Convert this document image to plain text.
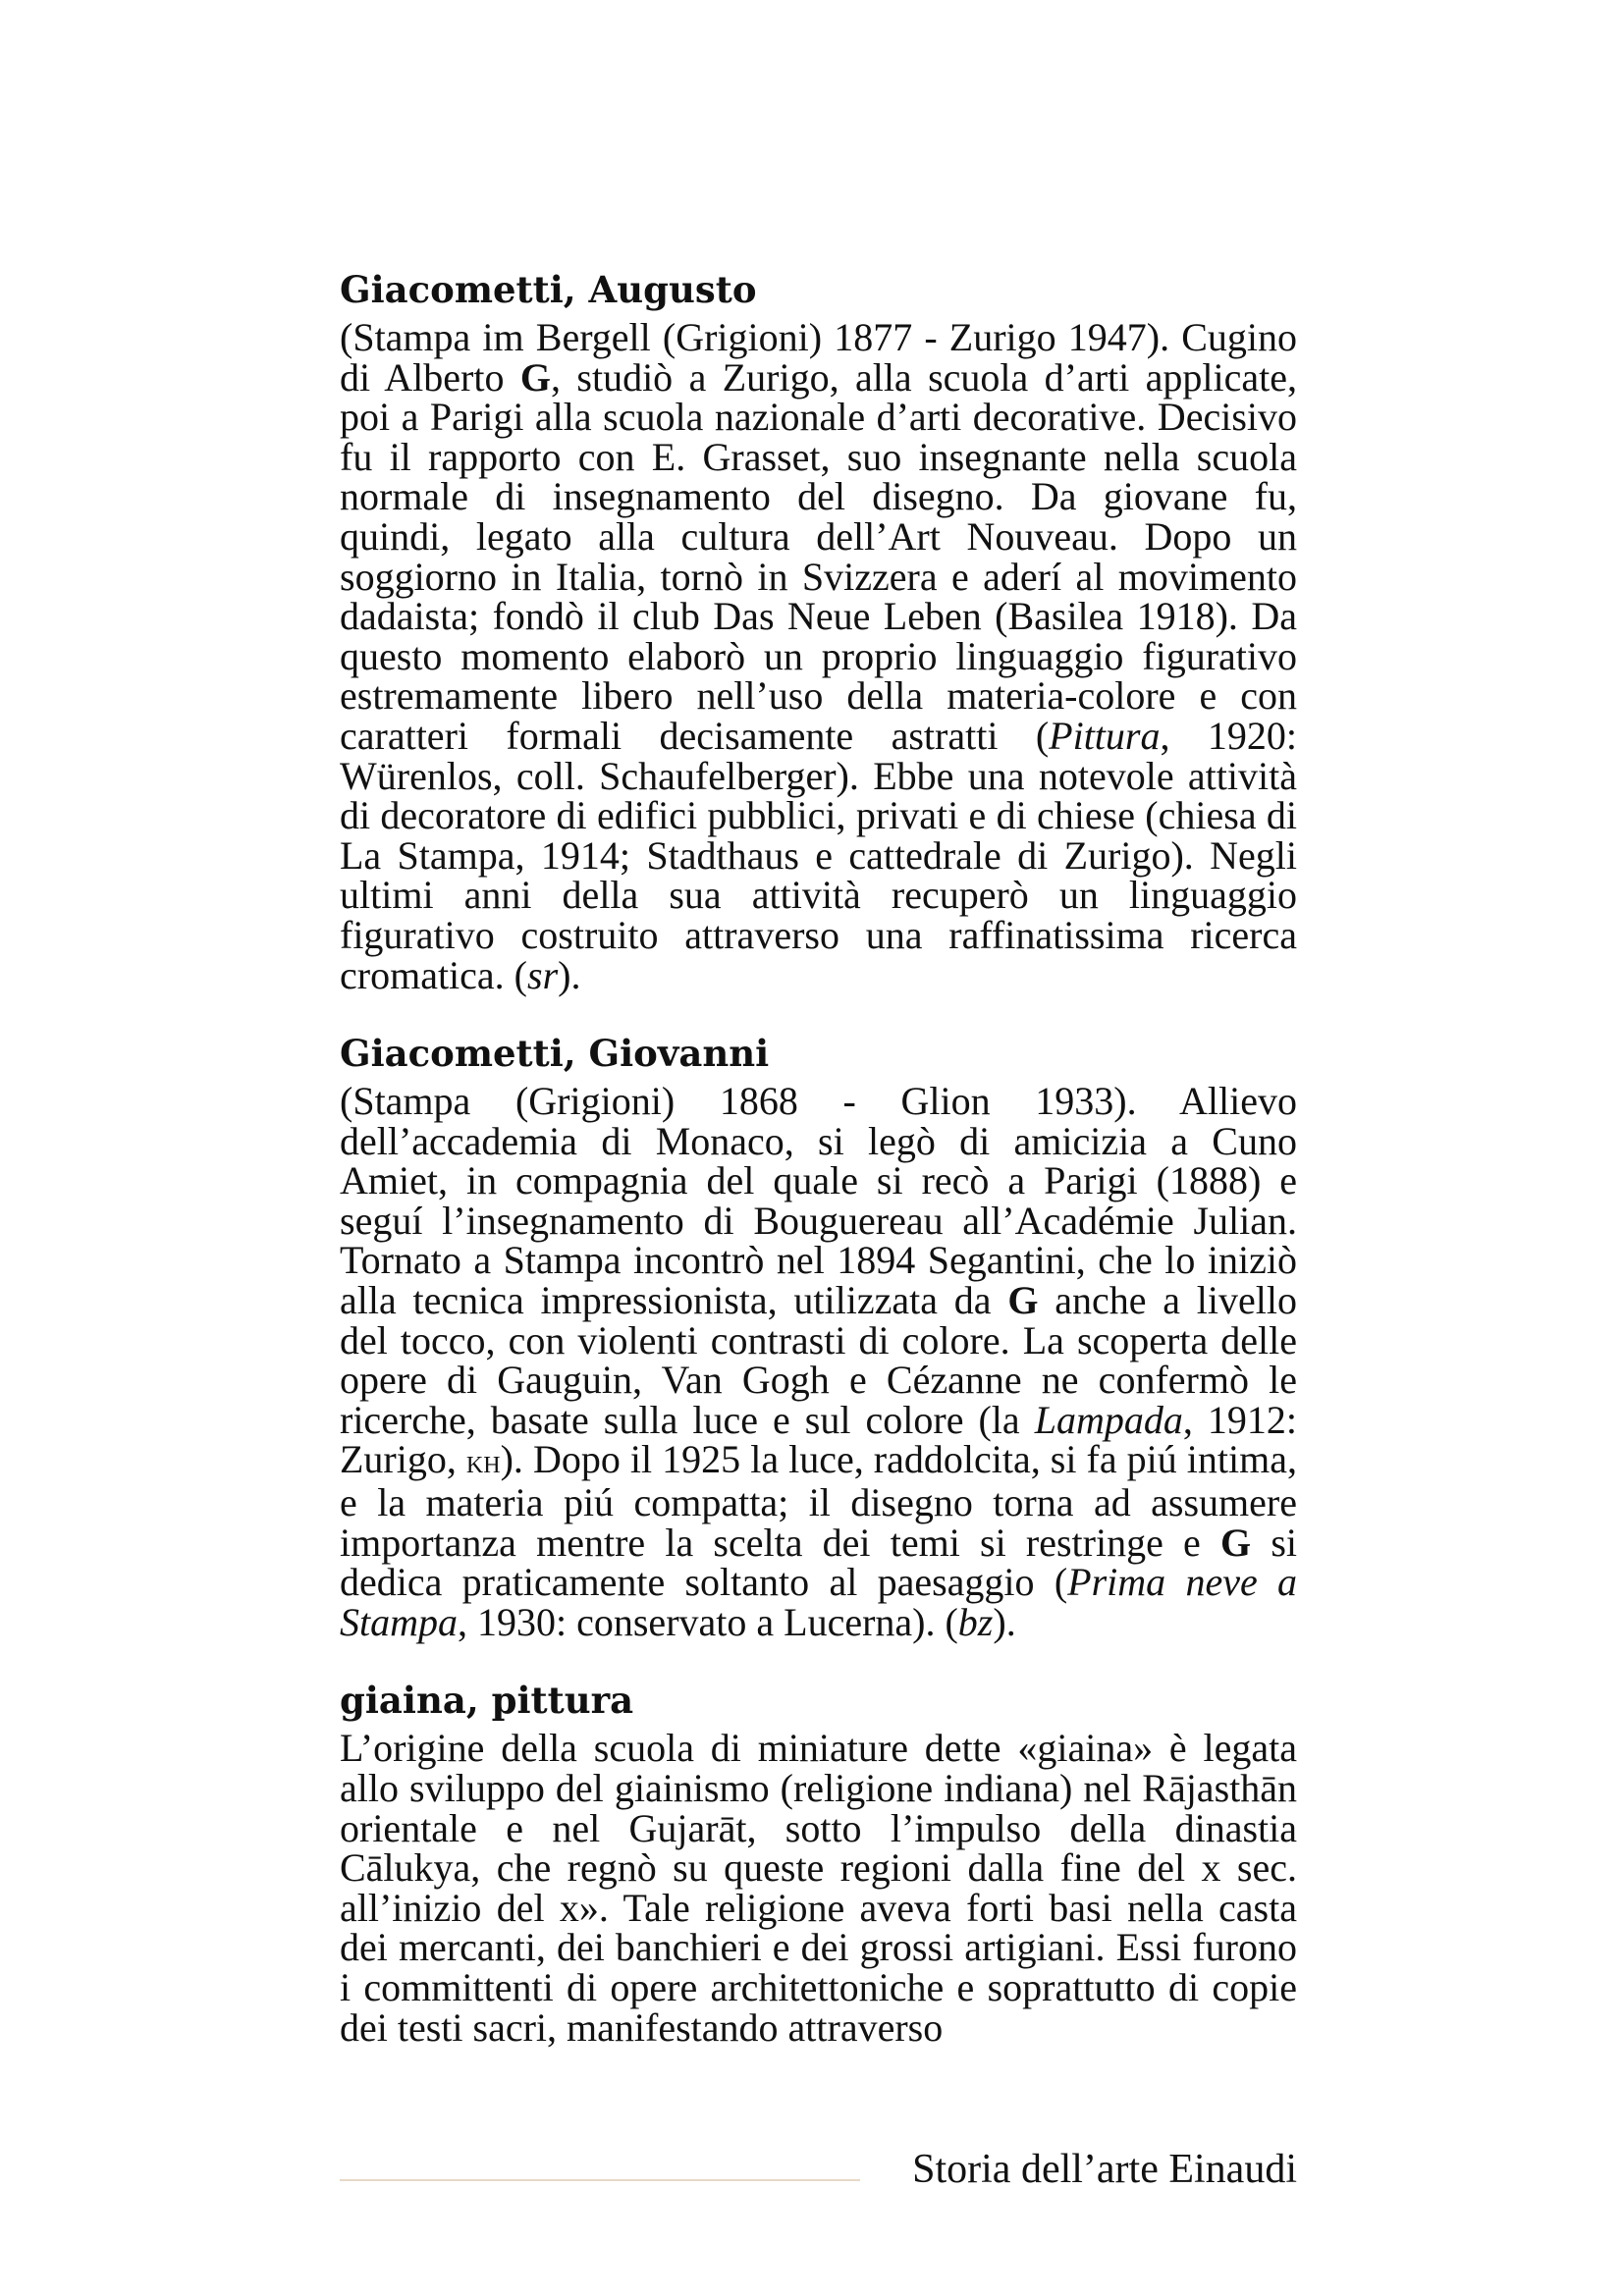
Giacometti, Augusto

(Stampa im Bergell (Grigioni) 1877 - Zurigo 1947). Cugino di Alberto G, studiò a Zurigo, alla scuola d’arti applicate, poi a Parigi alla scuola nazionale d’arti decorative. Decisivo fu il rapporto con E. Grasset, suo insegnante nella scuola normale di insegnamento del disegno. Da giovane fu, quindi, legato alla cultura dell’Art Nouveau. Dopo un soggiorno in Italia, tornò in Svizzera e aderí al movimento dadaista; fondò il club Das Neue Leben (Basilea 1918). Da questo momento elaborò un proprio linguaggio figurativo estremamente libero nell’uso della materia-colore e con caratteri formali decisamente astratti (Pittura, 1920: Würenlos, coll. Schaufelberger). Ebbe una notevole attività di decoratore di edifici pubblici, privati e di chiese (chiesa di La Stampa, 1914; Stadthaus e cattedrale di Zurigo). Negli ultimi anni della sua attività recuperò un linguaggio figurativo costruito attraverso una raffinatissima ricerca cromatica. (sr).

Giacometti, Giovanni

(Stampa (Grigioni) 1868 - Glion 1933). Allievo dell’accademia di Monaco, si legò di amicizia a Cuno Amiet, in compagnia del quale si recò a Parigi (1888) e seguí l’insegnamento di Bouguereau all’Académie Julian. Tornato a Stampa incontrò nel 1894 Segantini, che lo iniziò alla tecnica impressionista, utilizzata da G anche a livello del tocco, con violenti contrasti di colore. La scoperta delle opere di Gauguin, Van Gogh e Cézanne ne confermò le ricerche, basate sulla luce e sul colore (la Lampada, 1912: Zurigo, kh). Dopo il 1925 la luce, raddolcita, si fa piú intima, e la materia piú compatta; il disegno torna ad assumere importanza mentre la scelta dei temi si restringe e G si dedica praticamente soltanto al paesaggio (Prima neve a Stampa, 1930: conservato a Lucerna). (bz).

giaina, pittura

L’origine della scuola di miniature dette «giaina» è legata allo sviluppo del giainismo (religione indiana) nel Rājasthān orientale e nel Gujarāt, sotto l’impulso della dinastia Cālukya, che regnò su queste regioni dalla fine del x sec. all’inizio del x». Tale religione aveva forti basi nella casta dei mercanti, dei banchieri e dei grossi artigiani. Essi furono i committenti di opere architettoniche e soprattutto di copie dei testi sacri, manifestando attraverso

Storia dell’arte Einaudi
